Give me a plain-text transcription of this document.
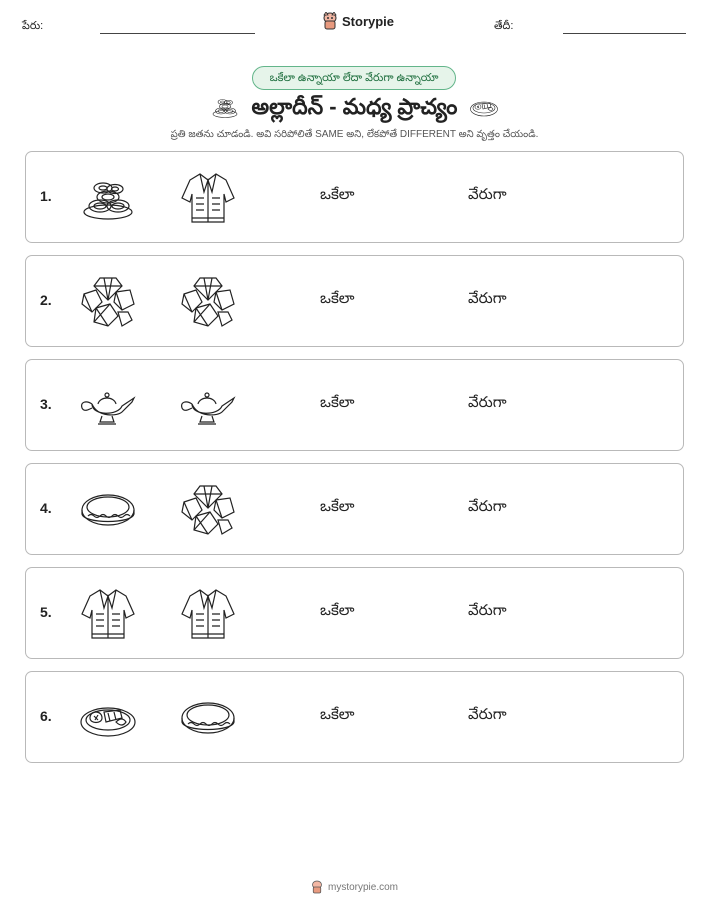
పేరు:	Storypie	తేదీ:
ఒకేలా ఉన్నాయా లేదా వేరుగా ఉన్నాయా
అల్లాదీన్ - మధ్య ప్రాచ్యం
ప్రతి జతను చూడండి. అవి సరిపోలితే SAME అని, లేకపోతే DIFFERENT అని వృత్తం చేయండి.
1.	ఒకేలా	వేరుగా
2.	ఒకేలా	వేరుగా
3.	ఒకేలా	వేరుగా
4.	ఒకేలా	వేరుగా
5.	ఒకేలా	వేరుగా
6.	ఒకేలా	వేరుగా
mystorypie.com
